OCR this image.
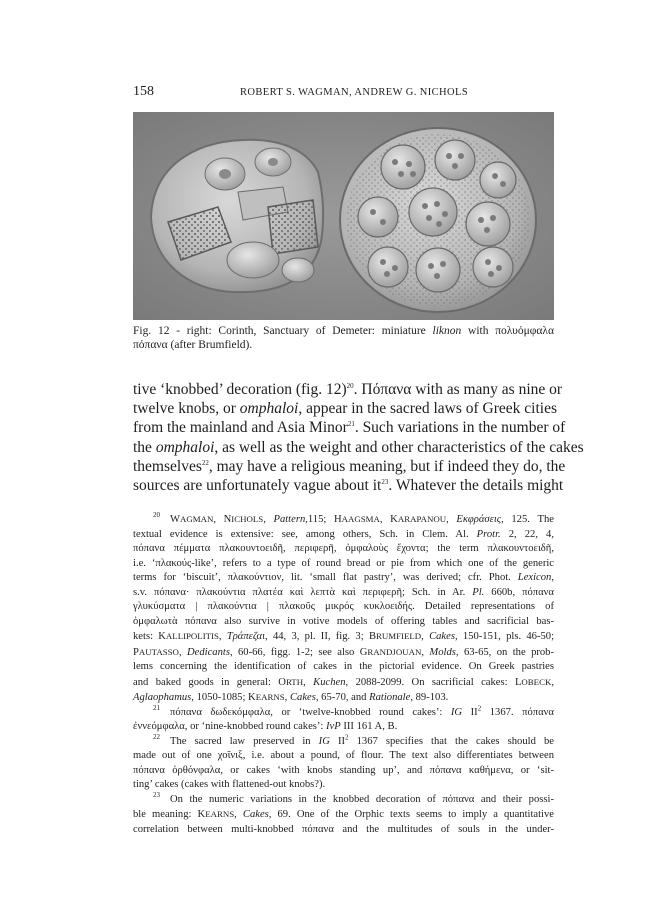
158	ROBERT S. WAGMAN, ANDREW G. NICHOLS
Fig. 12 - right: Corinth, Sanctuary of Demeter: miniature liknon with πολυόμφαλα
πόπανα (after Brumfield).
tive ‘knobbed’ decoration (fig. 12)$^{20}$. Πόπανα with as many as nine or
twelve knobs, or omphaloi, appear in the sacred laws of Greek cities
from the mainland and Asia Minor$^{21}$. Such variations in the number of
the omphaloi, as well as the weight and other characteristics of the cakes
themselves$^{22}$, may have a religious meaning, but if indeed they do, the
sources are unfortunately vague about $it^{23}$. Whatever the details might
$^{20}$ WAGMAN, NICHOLS, Pattern,115; HAAGSMA, KARAPANOU, Εκφράσεις, 125. The
textual evidence is extensive: see, among others, Sch. in Clem. Al. Protr. 2, 22, 4,
πόπανα πέμματα πλακουντοειδῆ, περιφερῆ, ὀμφαλοὺς ἔχοντα; the term πλακουντοειδῆ,
i.e. ‘πλακούς-like’, refers to a type of round bread or pie from which one of the generic
terms for ‘biscuit’, πλακούντιον, lit. ‘small flat pastry’, was derived; cfr. Phot. Lexicon,
s.v. πόπανα· πλακούντια πλατέα καὶ λεπτὰ καὶ περιφερῆ; Sch. in Ar. Pl. 660b, πόπανα
γλυκύσματα | πλακούντια | πλακοῦς μικρός κυκλοειδής. Detailed representations of
ὀμφαλωτὰ πόπανα also survive in votive models of offering tables and sacrificial bas-
kets: KALLIPOLITIS, Τράπεζαι, 44, 3, pl. II, fig. 3; BRUMFIELD, Cakes, 150-151, pls. 46-50;
PAUTASSO, Dedicants, 60-66, figg. 1-2; see also GRANDJOUAN, Molds, 63-65, on the prob-
lems concerning the identification of cakes in the pictorial evidence. On Greek pastries
and baked goods in general: ORTH, Kuchen, 2088-2099. On sacrificial cakes: LOBECK,
Aglaophamus, 1050-1085; KEARNS, Cakes, 65-70, and Rationale, 89-103.
$^{21}$ πόπανα δωδεκόμφαλα, or ‘twelve-knobbed round cakes’: IG $II^2$ 1367. πόπανα
ἐννεόμφαλα, or ‘nine-knobbed round cakes’: IvP III 161 A, B.
$^{22}$ The sacred law preserved in IG $II^2$ 1367 specifies that the cakes should be
made out of one χοῖνιξ, i.e. about a pound, of flour. The text also differentiates between
πόπανα ὀρθόνφαλα, or cakes ‘with knobs standing up’, and πόπανα καθήμενα, or ‘sit-
ting’ cakes (cakes with flattened-out knobs?).
$^{23}$ On the numeric variations in the knobbed decoration of πόπανα and their possi-
ble meaning: KEARNS, Cakes, 69. One of the Orphic texts seems to imply a quantitative
correlation between multi-knobbed πόπανα and the multitudes of souls in the under-
